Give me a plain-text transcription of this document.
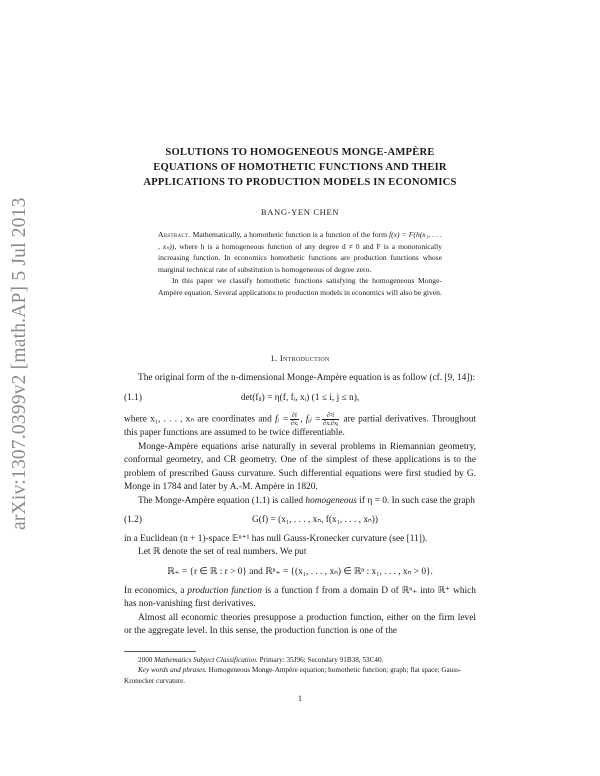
arXiv:1307.0399v2 [math.AP] 5 Jul 2013
SOLUTIONS TO HOMOGENEOUS MONGE-AMPÈRE
EQUATIONS OF HOMOTHETIC FUNCTIONS AND THEIR
APPLICATIONS TO PRODUCTION MODELS IN ECONOMICS
BANG-YEN CHEN

Abstract. Mathematically, a homothetic function is a function of the form f(x) = F(h(x₁, . . . , xₙ)), where h is a homogeneous function of any degree d ≠ 0 and F is a monotonically increasing function. In economics homothetic functions are production functions whose marginal technical rate of substitution is homogeneous of degree zero.

In this paper we classify homothetic functions satisfying the homogeneous Monge-Ampère equation. Several applications to production models in economics will also be given.

1. Introduction

The original form of the n-dimensional Monge-Ampère equation is as follow (cf. [9, 14]):

(1.1)	det(fᵢⱼ) = η(f, fᵢ, xᵢ) (1 ≤ i, j ≤ n),

where x₁, . . . , xₙ are coordinates and fᵢ = $\frac{\partial f}{\text{∂xᵢ}}$ , fᵢⱼ = $\frac{\text{∂²f}}{\text{∂xᵢ∂xⱼ}}$ are partial derivatives. Throughout this paper functions are assumed to be twice differentiable.

Monge-Ampère equations arise naturally in several problems in Riemannian geometry, conformal geometry, and CR geometry. One of the simplest of these applications is to the problem of prescribed Gauss curvature. Such differential equations were first studied by G. Monge in 1784 and later by A.-M. Ampère in 1820.

The Monge-Ampère equation (1.1) is called homogeneous if η = 0. In such case the graph

(1.2)	G(f) = (x₁, . . . , xₙ, f(x₁, . . . , xₙ))

in a Euclidean (n + 1)-space 𝔼ⁿ⁺¹ has null Gauss-Kronecker curvature (see [11]).

Let ℝ denote the set of real numbers. We put

ℝ₊ = {r ∈ ℝ : r > 0} and ℝⁿ₊ = {(x₁, . . . , xₙ) ∈ ℝⁿ : x₁, . . . , xₙ > 0}.

In economics, a production function is a function f from a domain D of ℝⁿ₊ into ℝ⁺ which has non-vanishing first derivatives.

Almost all economic theories presuppose a production function, either on the firm level or the aggregate level. In this sense, the production function is one of the

2000 Mathematics Subject Classification. Primary: 35J96; Secondary 91B38, 53C40.

Key words and phrases. Homogeneous Monge-Ampère equation; homothetic function; graph; flat space; Gauss-Kronecker curvature.

1
